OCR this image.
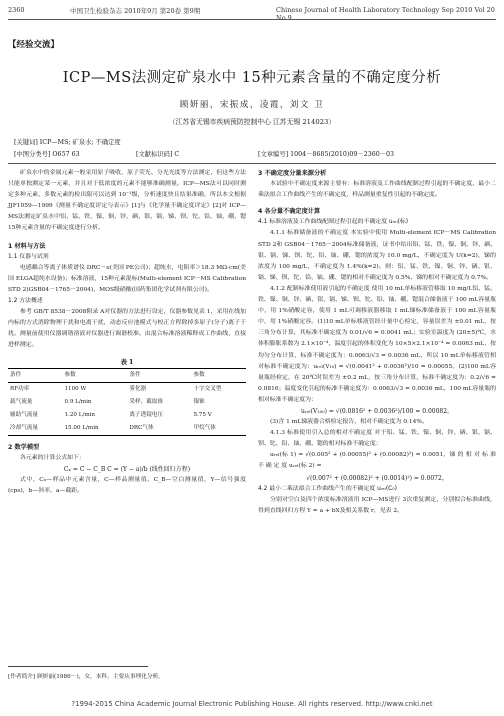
2360	中国卫生检验杂志 2010年9月 第20卷 第9期	Chinese Journal of Health Laboratory Technology Sep 2010 Vol 20 No 9
【经验交流】
ICP—MS法测定矿泉水中 15种元素含量的不确定度分析
顾妍丽，宋振成，凌霞，刘文 卫
（江苏省无锡市疾病预防控制中心 江苏无锡 214023）
[关键词] ICP—MS; 矿泉水; 不确定度
[中图分类号] O657 63	[文献标识码] C	[文章编号] 1004－8685(2010)09－2360－03

矿泉水中的金属元素一般采用原子吸收、原子荧光、分光光度等方法测定，但这些方法只能单独测定某一元素，并且对于低浓度的元素不能够准确测量。ICP—MS法可以同时测定多种元素，多数元素的检出限可以达到 10⁻¹级，分析速度快且结果准确，所以本文根据 JJF1059—1999《测量不确定度评定与表示》[1]与《化学量不确定度评定》[2]对 ICP—MS法测定矿泉水中铝、锰、铁、镍、铜、锌、硒、银、镉、锑、钡、铊、铅、铀、硼、锶 15种元素含量的不确定度进行分析。

1 材料与方法

1.1 仪器与试剂

电感耦合等离子体质谱仪 DRC－e(美国 PE公司)；超纯水，电阻率＞18.3 MΩ·cm(美国 ELGA超纯水设备)；标准溶液，15种元素混标(Multi-element ICP－MS Calibration STD 2)GSB04－1765－2004)，MOS级硝酸(国药集团化学试剂有限公司)。

1.2 方法概述

参考 GB/T 8538－2008附录 A对仪器的方法进行设定，仪器参数见表 1，采用在线加内标的方式消除物理干扰和电离干扰，动态反应池模式与校正方程除掉多原子(分子)离子干扰。测量前使用仪器调谐溶液对仪器进行调谐校准。由混合标准溶液稀释成工作曲线，直接进样测定。

表 1
条件	参数	条件	参数
RF功率	1100 W	雾化器	十字交叉型
载气流量	0.9 L/min	采样、截取锥	镍锥
辅助气流量	1.20 L/min	离子透镜电压	5.75 V
冷却气流量	15.00 L/min	DRC气体	甲烷气体

2 数学模型

各元素的计算公式如下：

Cₓ = C − C_B C = (Y − a)/b (线性回归方程)

式中，Cₓ—样品中元素含量，C—样品测量值，C_B—空白测量值，Y—信号强度(cps)，b—斜率，a—截距。

[作者简介] 顾妍丽(1986－)，女，本科，主要从事理化分析。

3 不确定度分量来源分析

本试验中不确定度来源主要有：标准溶液及工作曲线配制过程引起的不确定度，最小二乘法拟合工作曲线产生的不确定度，样品测量重复性引起的不确定度。

4 各分量不确定度计算

4.1 标准溶液及工作曲线配制过程引起的不确定度 uᵣₑₗ(标)

4.1.1 标准储备液的不确定度 本实验中使用 Multi-element ICP－MS Calibration STD 2和 GSB04－1765－2004标准储备液，证书中给出铝、锰、铁、镍、铜、锌、硒、银、镉、锑、钡、铊、铅、铀、硼、锶的浓度为 10.0 mg/L，不确定度为 U(k=2)，锑的浓度为 100 mg/L，不确定度为 1.4%(k=2)。则：铝、锰、铁、镍、铜、锌、硒、银、镉、锑、钡、铊、铅、铀、硼、锶的相对不确定度为 0.5%，锑的相对不确定度为 0.7%。

4.1.2 配制标准使用液引起的不确定度 使用 10 mL单标移液管移取 10 mg/L铝、锰、铁、镍、铜、锌、硒、银、镉、锑、钡、铊、铅、铀、硼、锶混合储备液于 100 mL容量瓶中，用 1%硝酸定容，使用 1 mL可调移液器移取 1 mL锑标准储备液于 100 mL容量瓶中，用 1%硝酸定容。(1)10 mL单标移液管经计量中心检定，容量误差为 ±0.01 mL，按三角分布计算，其标准不确定度为 0.01/√6 = 0.0041 mL；实验室温度为 (20±5)℃，水体积膨胀系数为 2.1×10⁻⁴，温度引起的体积变化为 10×5×2.1×10⁻⁴ = 0.0063 mL，按均匀分布计算，标准不确定度为：0.0063/√3 = 0.0036 mL，所以 10 mL单标移液管相对标准不确定度为：uᵣₑₗ(V₁₀) = √(0.0041² + 0.0036²)/10 = 0.00055。(2)100 mL容量瓶经检定，在 20℃时误差为 ±0.2 mL，按三角分布计算，标准不确定度为：0.2/√6 = 0.0816；温度变化引起的标准不确定度为：0.0063/√3 = 0.0036 mL，100 mL容量瓶的相对标准不确定度为：

uᵣₑₗ(V₁₀₀) = √(0.0816² + 0.0036²)/100 = 0.00082。

(3)含 1 mL锑液器合格检定报告，相对不确定度为 0.14%。

4.1.3 标准使用引入总的相对不确定度 对于铝、锰、铁、镍、铜、锌、硒、银、镉、钡、铊、铅、铀、硼、锶的相对标准不确定度：

uᵣₑₗ(标 1) = √(0.005² + (0.00055)² + (0.00082)²) = 0.0051，锑 的 相 对 标 准 不 确 定 度 uᵣₑₗ(标 2) =

√(0.007² + (0.00082)² + (0.0014)²) = 0.0072。

4.2 最小二乘法拟合工作曲线产生的不确定度 uᵣₑₗ(C₀)

分别对空白及四个浓度标准溶液用 ICP—MS进行 3次重复测定，分别拟合标准曲线，得到直线回归方程 Y = a + bX及相关系数 r，见表 2。

?1994-2015 China Academic Journal Electronic Publishing House. All rights reserved. http://www.cnki.net
